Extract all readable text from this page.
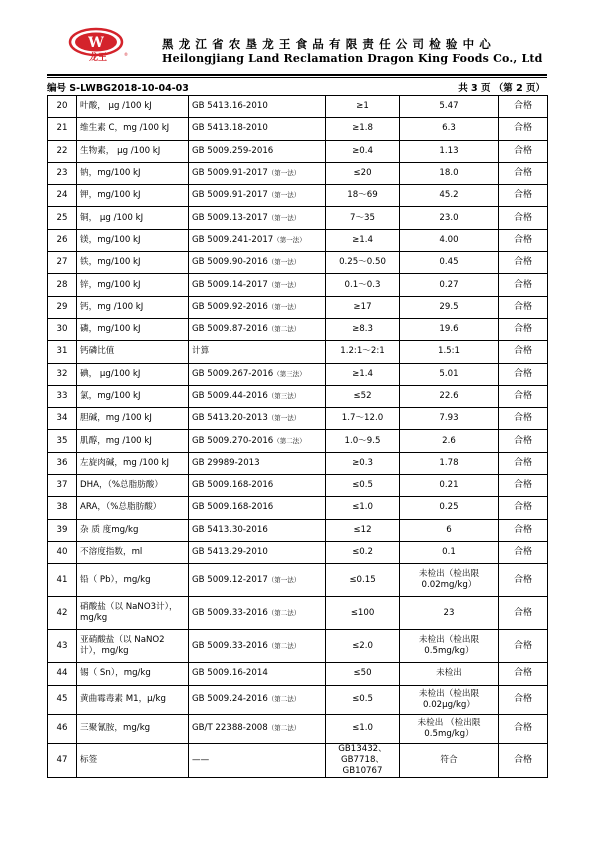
W
龙王	®
黑龙江省农垦龙王食品有限责任公司检验中心
Heilongjiang Land Reclamation Dragon King Foods Co., Ltd
编号 S-LWBG2018-10-04-03	共 3 页 （第 2 页）
20	叶酸， μg /100 kJ	GB 5413.16-2010	≥1	5.47	合格
21	维生素 C，mg /100 kJ	GB 5413.18-2010	≥1.8	6.3	合格
22	生物素， μg /100 kJ	GB 5009.259-2016	≥0.4	1.13	合格
23	钠，mg/100 kJ	GB 5009.91-2017（第一法）	≤20	18.0	合格
24	钾，mg/100 kJ	GB 5009.91-2017（第一法）	18～69	45.2	合格
25	铜， μg /100 kJ	GB 5009.13-2017（第一法）	7～35	23.0	合格
26	镁，mg/100 kJ	GB 5009.241-2017（第一法）	≥1.4	4.00	合格
27	铁，mg/100 kJ	GB 5009.90-2016（第一法）	0.25～0.50	0.45	合格
28	锌，mg/100 kJ	GB 5009.14-2017（第一法）	0.1～0.3	0.27	合格
29	钙，mg /100 kJ	GB 5009.92-2016（第一法）	≥17	29.5	合格
30	磷，mg/100 kJ	GB 5009.87-2016（第二法）	≥8.3	19.6	合格
31	钙磷比值	计算	1.2:1～2:1	1.5:1	合格
32	碘， μg/100 kJ	GB 5009.267-2016（第三法）	≥1.4	5.01	合格
33	氯，mg/100 kJ	GB 5009.44-2016（第三法）	≤52	22.6	合格
34	胆碱，mg /100 kJ	GB 5413.20-2013（第一法）	1.7～12.0	7.93	合格
35	肌醇，mg /100 kJ	GB 5009.270-2016（第二法）	1.0～9.5	2.6	合格
36	左旋肉碱，mg /100 kJ	GB 29989-2013	≥0.3	1.78	合格
37	DHA，（%总脂肪酸）	GB 5009.168-2016	≤0.5	0.21	合格
38	ARA，（%总脂肪酸）	GB 5009.168-2016	≤1.0	0.25	合格
39	杂 质 度mg/kg	GB 5413.30-2016	≤12	6	合格
40	不溶度指数，ml	GB 5413.29-2010	≤0.2	0.1	合格
41	铅（ Pb），mg/kg	GB 5009.12-2017（第一法）	≤0.15	未检出（检出限0.02mg/kg）	合格
42	硝酸盐（以 NaNO3计），mg/kg	GB 5009.33-2016（第二法）	≤100	23	合格
43	亚硝酸盐（以 NaNO2计），mg/kg	GB 5009.33-2016（第二法）	≤2.0	未检出（检出限0.5mg/kg）	合格
44	锡（ Sn），mg/kg	GB 5009.16-2014	≤50	未检出	合格
45	黄曲霉毒素 M1，μ/kg	GB 5009.24-2016（第二法）	≤0.5	未检出（检出限0.02μg/kg）	合格
46	三聚氰胺，mg/kg	GB/T 22388-2008（第二法）	≤1.0	未检出 （检出限0.5mg/kg）	合格
47	标签	——	GB13432、GB7718、GB10767	符合	合格
